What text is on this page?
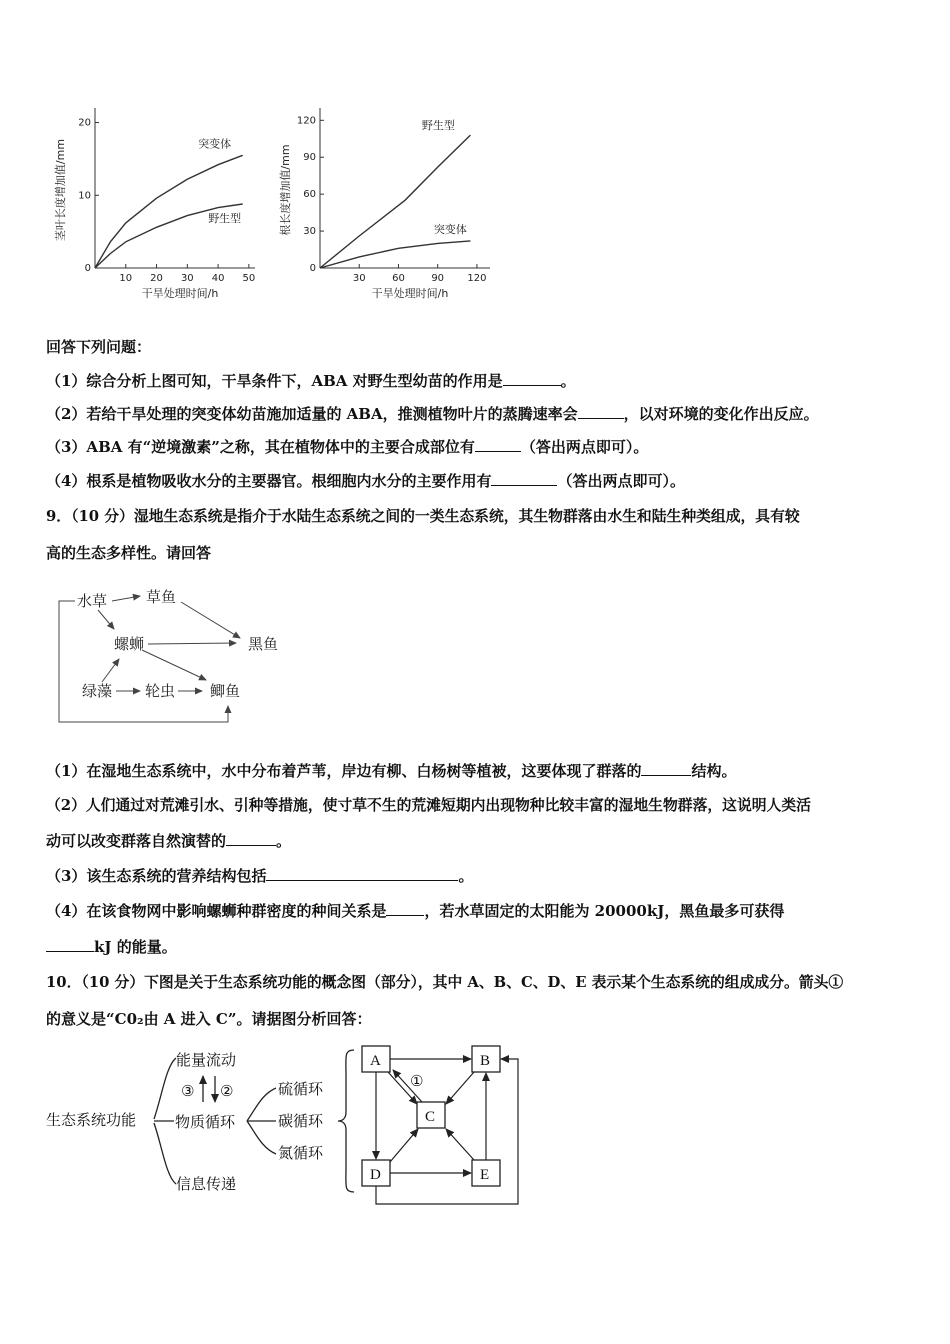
茎叶长度增加值/mm
干旱处理时间/h
0
10
20
10 20 30 40 50
突变体
野生型	根长度增加值/mm
干旱处理时间/h
0
30
60
90
120
30	60	90 120
野生型
突变体
回答下列问题：
（1）综合分析上图可知，干旱条件下，ABA 对野生型幼苗的作用是	。
（2）若给干旱处理的突变体幼苗施加适量的 ABA，推测植物叶片的蒸腾速率会	，以对环境的变化作出反应。
（3）ABA 有“逆境激素”之称，其在植物体中的主要合成部位有	（答出两点即可）。
（4）根系是植物吸收水分的主要器官。根细胞内水分的主要作用有	（答出两点即可）。
9．（10 分）湿地生态系统是指介于水陆生态系统之间的一类生态系统，其生物群落由水生和陆生种类组成，具有较
高的生态多样性。请回答
水草	草鱼
螺蛳	黑鱼
绿藻 轮虫 鲫鱼
（1）在湿地生态系统中，水中分布着芦苇，岸边有柳、白杨树等植被，这要体现了群落的	结构。
（2）人们通过对荒滩引水、引种等措施，使寸草不生的荒滩短期内出现物种比较丰富的湿地生物群落，这说明人类活
动可以改变群落自然演替的	。
（3）该生态系统的营养结构包括	。
（4）在该食物网中影响螺蛳种群密度的种间关系是	，若水草固定的太阳能为 20000kJ，黑鱼最多可获得
kJ 的能量。
10．（10 分）下图是关于生态系统功能的概念图（部分），其中 A、B、C、D、E 表示某个生态系统的组成成分。箭头①
的意义是“C0₂由 A 进入 C”。请据图分析回答：
生态系统功能
能量流动
③ ②
物质循环
信息传递
硫循环
碳循环
氮循环
A	B
C
D	E
①
